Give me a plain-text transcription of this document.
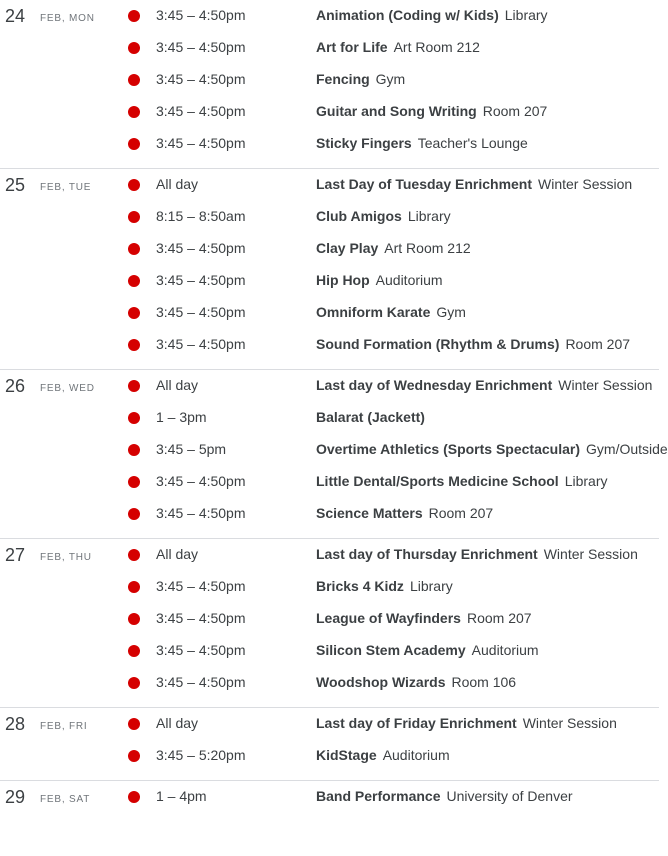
24 FEB, MON	3:45 – 4:50pm	Animation (Coding w/ Kids) Library
3:45 – 4:50pm	Art for Life Art Room 212
3:45 – 4:50pm	Fencing Gym
3:45 – 4:50pm	Guitar and Song Writing Room 207
3:45 – 4:50pm	Sticky Fingers Teacher's Lounge
25 FEB, TUE	All day	Last Day of Tuesday Enrichment Winter Session
8:15 – 8:50am	Club Amigos Library
3:45 – 4:50pm	Clay Play Art Room 212
3:45 – 4:50pm	Hip Hop Auditorium
3:45 – 4:50pm	Omniform Karate Gym
3:45 – 4:50pm	Sound Formation (Rhythm & Drums) Room 207
26 FEB, WED	All day	Last day of Wednesday Enrichment Winter Session
1 – 3pm	Balarat (Jackett)
3:45 – 5pm	Overtime Athletics (Sports Spectacular) Gym/Outside
3:45 – 4:50pm	Little Dental/Sports Medicine School Library
3:45 – 4:50pm	Science Matters Room 207
27 FEB, THU	All day	Last day of Thursday Enrichment Winter Session
3:45 – 4:50pm	Bricks 4 Kidz Library
3:45 – 4:50pm	League of Wayfinders Room 207
3:45 – 4:50pm	Silicon Stem Academy Auditorium
3:45 – 4:50pm	Woodshop Wizards Room 106
28 FEB, FRI	All day	Last day of Friday Enrichment Winter Session
3:45 – 5:20pm	KidStage Auditorium
29 FEB, SAT	1 – 4pm	Band Performance University of Denver
